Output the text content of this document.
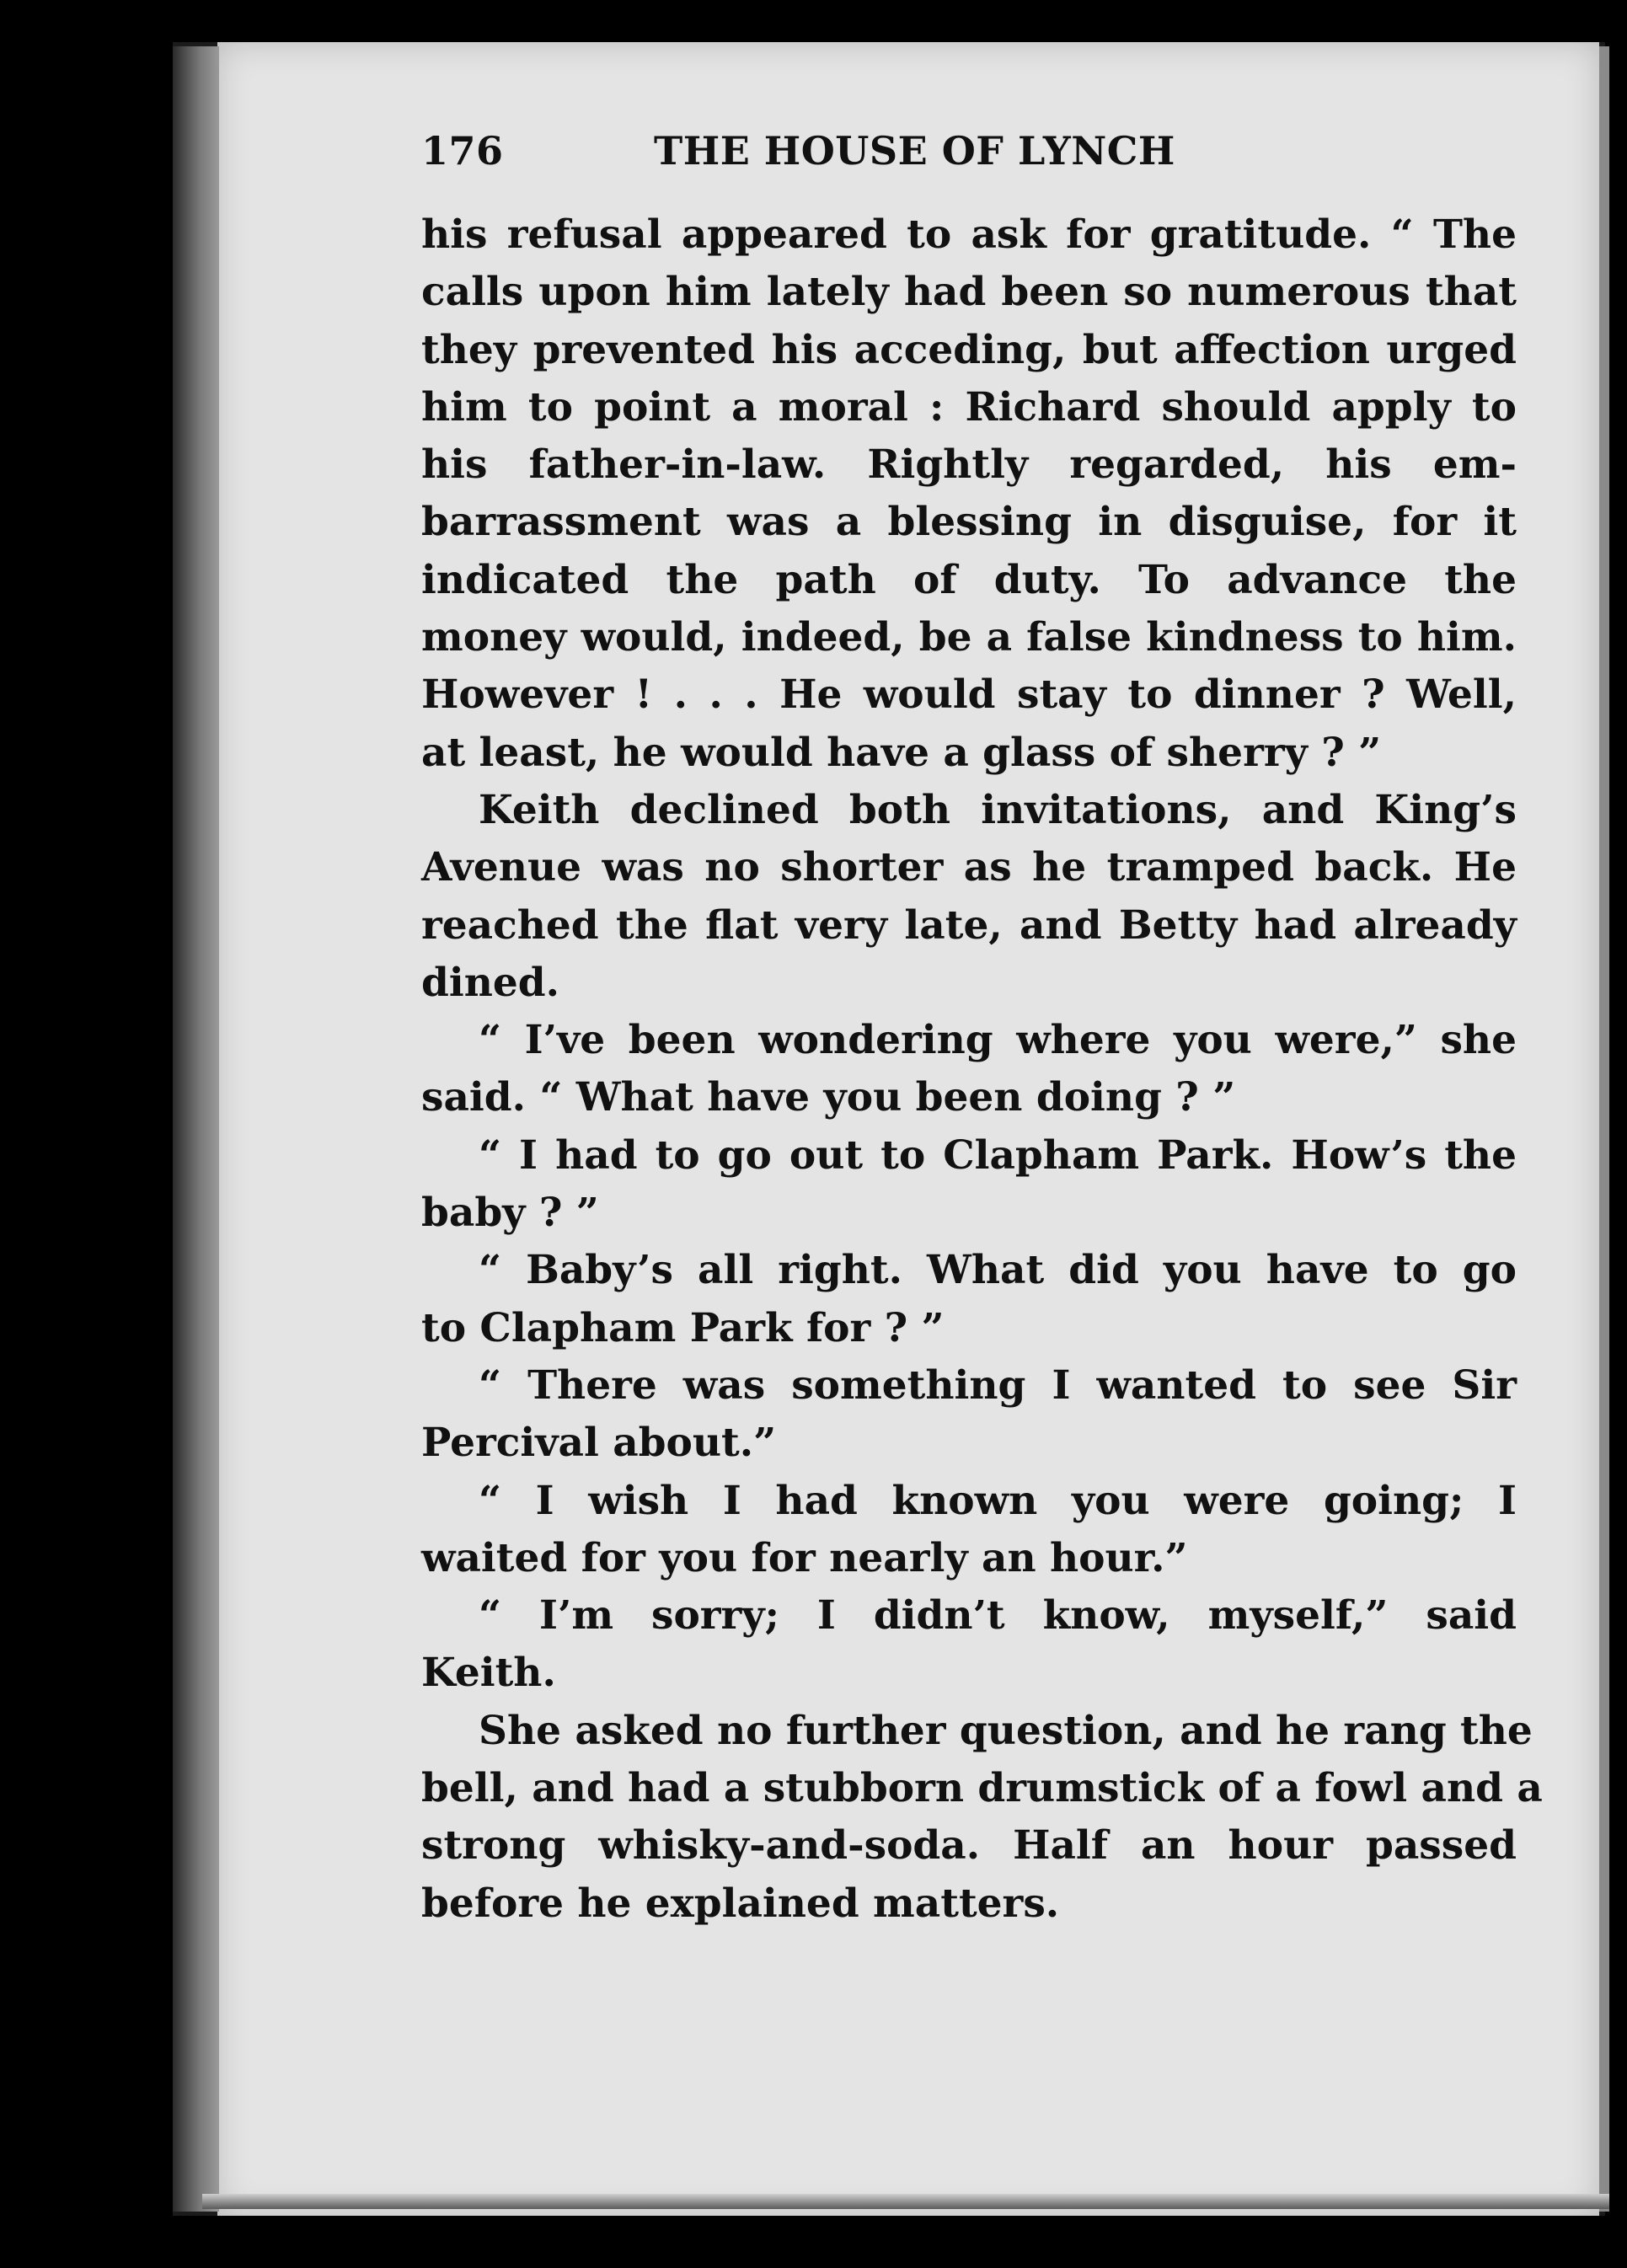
176	THE HOUSE OF LYNCH
his refusal appeared to ask for gratitude. “ The
calls upon him lately had been so numerous that
they prevented his acceding, but affection urged
him to point a moral : Richard should apply to
his father-in-law. Rightly regarded, his em-
barrassment was a blessing in disguise, for it
indicated the path of duty. To advance the
money would, indeed, be a false kindness to him.
However ! . . . He would stay to dinner ? Well,
at least, he would have a glass of sherry ? ”
Keith declined both invitations, and King’s
Avenue was no shorter as he tramped back. He
reached the flat very late, and Betty had already
dined.
“ I’ve been wondering where you were,” she
said. “ What have you been doing ? ”
“ I had to go out to Clapham Park. How’s the
baby ? ”
“ Baby’s all right. What did you have to go
to Clapham Park for ? ”
“ There was something I wanted to see Sir
Percival about.”
“ I wish I had known you were going; I
waited for you for nearly an hour.”
“ I’m sorry; I didn’t know, myself,” said
Keith.
She asked no further question, and he rang the
bell, and had a stubborn drumstick of a fowl and a
strong whisky-and-soda. Half an hour passed
before he explained matters.
